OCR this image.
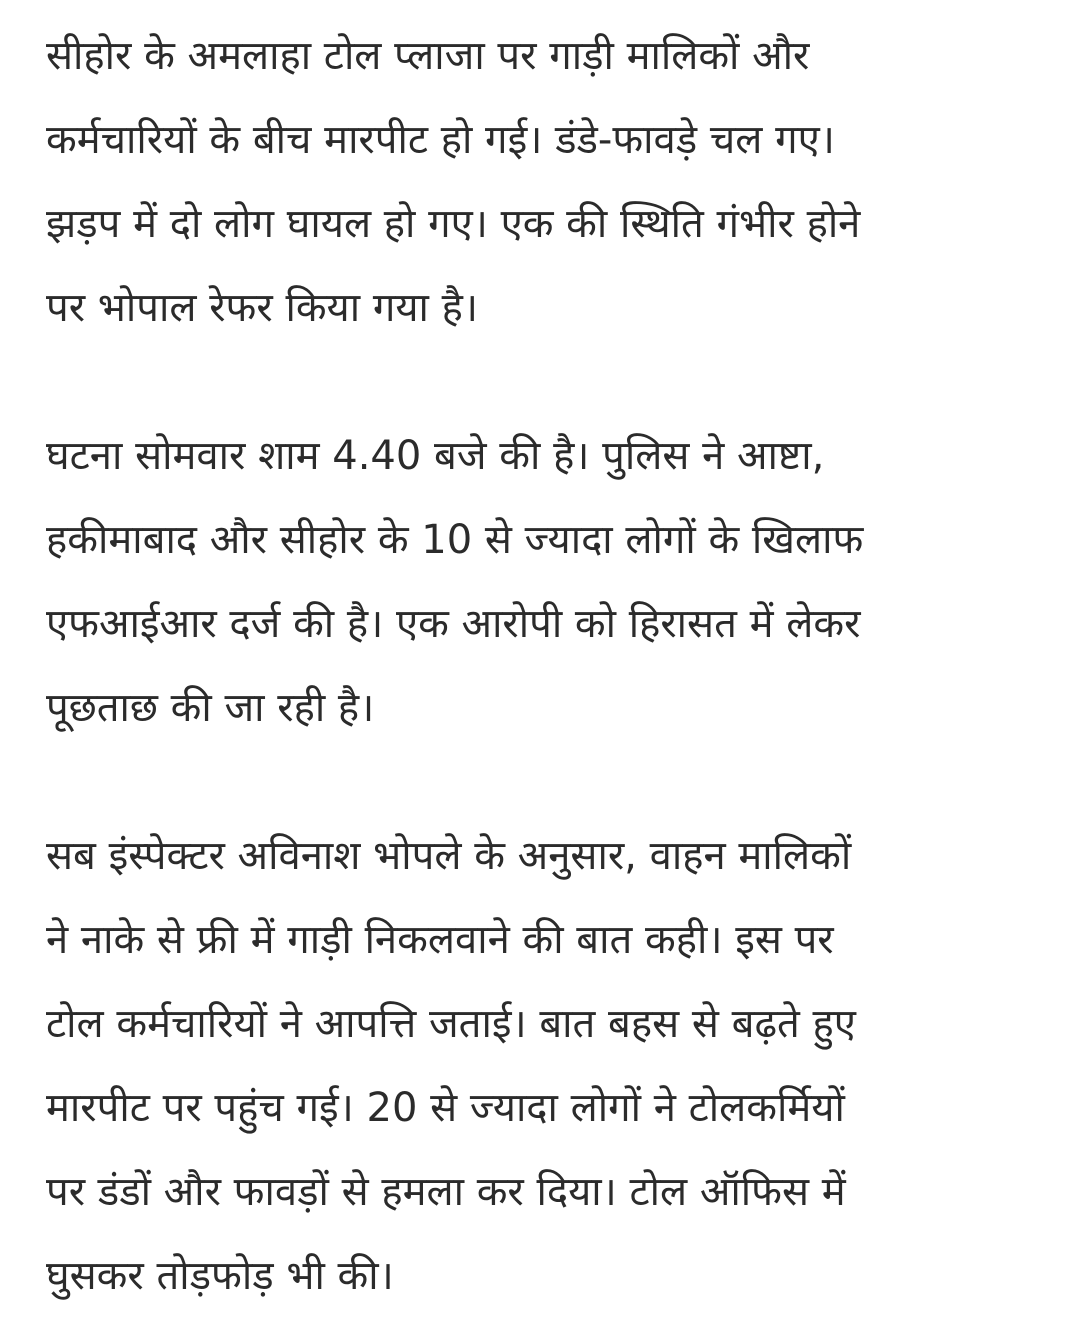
सीहोर के अमलाहा टोल प्लाजा पर गाड़ी मालिकों और
कर्मचारियों के बीच मारपीट हो गई। डंडे-फावड़े चल गए।
झड़प में दो लोग घायल हो गए। एक की स्थिति गंभीर होने
पर भोपाल रेफर किया गया है।

घटना सोमवार शाम 4.40 बजे की है। पुलिस ने आष्टा,
हकीमाबाद और सीहोर के 10 से ज्यादा लोगों के खिलाफ
एफआईआर दर्ज की है। एक आरोपी को हिरासत में लेकर
पूछताछ की जा रही है।

सब इंस्पेक्टर अविनाश भोपले के अनुसार, वाहन मालिकों
ने नाके से फ्री में गाड़ी निकलवाने की बात कही। इस पर
टोल कर्मचारियों ने आपत्ति जताई। बात बहस से बढ़ते हुए
मारपीट पर पहुंच गई। 20 से ज्यादा लोगों ने टोलकर्मियों
पर डंडों और फावड़ों से हमला कर दिया। टोल ऑफिस में
घुसकर तोड़फोड़ भी की।
